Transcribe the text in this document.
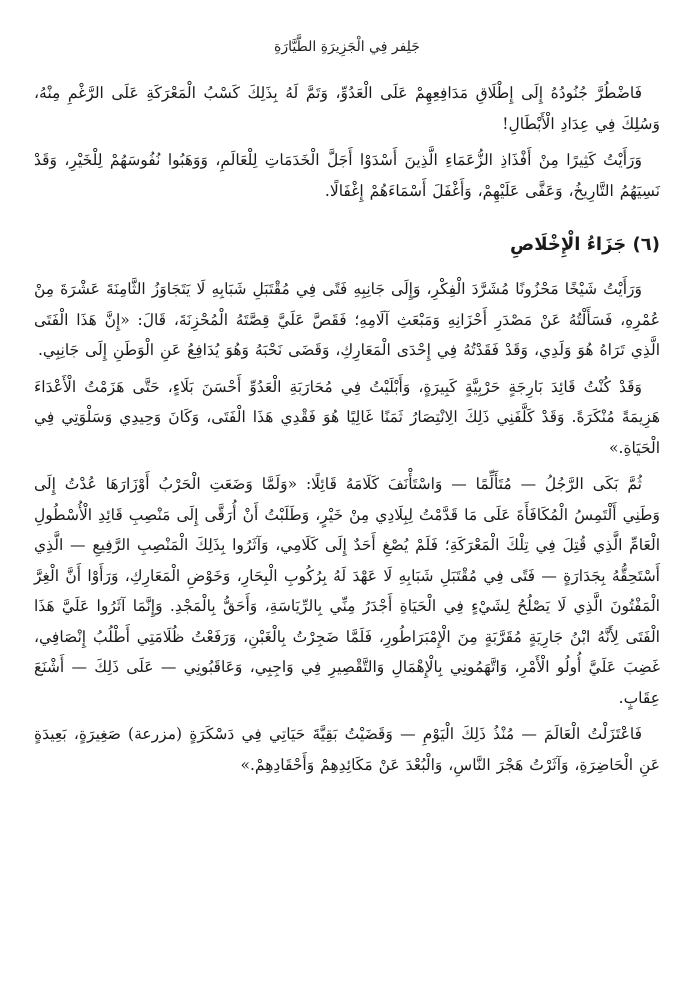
جَلِفر فِي الْجَزِيرَةِ الطَّيَّارَةِ

فَاضْطُرَّ جُنُودُهُ إِلَى إِطْلَاقِ مَدَافِعِهِمْ عَلَى الْعَدُوِّ، وَتَمَّ لَهُ بِذَلِكَ كَسْبُ الْمَعْرَكَةِ عَلَى الرَّغْمِ مِنْهُ، وَسُلِكَ فِي عِدَادِ الْأَبْطَالِ!

وَرَأَيْتُ كَثِيرًا مِنْ أَفْذَاذِ الزُّعَمَاءِ الَّذِينَ أَسْدَوْا أَجَلَّ الْخَدَمَاتِ لِلْعَالَمِ، وَوَهَبُوا نُفُوسَهُمْ لِلْخَيْرِ، وَقَدْ نَسِيَهُمُ التَّارِيخُ، وَعَفَّى عَلَيْهِمْ، وَأَغْفَلَ أَسْمَاءَهُمْ إِغْفَالًا.

(٦) جَزَاءُ الْإِخْلَاصِ

وَرَأَيْتُ شَيْخًا مَحْزُونًا مُشَرَّدَ الْفِكْرِ، وَإِلَى جَانِبِهِ فَتًى فِي مُقْتَبَلِ شَبَابِهِ لَا يَتَجَاوَزُ الثَّامِنَةَ عَشْرَةَ مِنْ عُمْرِهِ، فَسَأَلْتُهُ عَنْ مَصْدَرِ أَحْزَانِهِ وَمَبْعَثِ آلَامِهِ؛ فَقَصَّ عَلَيَّ قِصَّتَهُ الْمُحْزِنَةَ، قَالَ: «إِنَّ هَذَا الْفَتَى الَّذِي تَرَاهُ هُوَ وَلَدِي، وَقَدْ فَقَدْتُهُ فِي إِحْدَى الْمَعَارِكِ، وَقَضَى نَحْبَهُ وَهُوَ يُدَافِعُ عَنِ الْوَطَنِ إِلَى جَانِبِي.

وَقَدْ كُنْتُ قَائِدَ بَارِجَةٍ حَرْبِيَّةٍ كَبِيرَةٍ، وَأَبْلَيْتُ فِي مُحَارَبَةِ الْعَدُوِّ أَحْسَنَ بَلَاءٍ، حَتَّى هَزَمْتُ الْأَعْدَاءَ هَزِيمَةً مُنْكَرَةً. وَقَدْ كَلَّفَنِي ذَلِكَ الِانْتِصَارُ ثَمَنًا غَالِيًا هُوَ فَقْدِي هَذَا الْفَتَى، وَكَانَ وَحِيدِي وَسَلْوَتِي فِي الْحَيَاةِ.»

ثُمَّ بَكَى الرَّجُلُ — مُتَأَلِّمًا — وَاسْتَأْنَفَ كَلَامَهُ قَائِلًا: «وَلَمَّا وَضَعَتِ الْحَرْبُ أَوْزَارَهَا عُدْتُ إِلَى وَطَنِي أَلْتَمِسُ الْمُكَافَأَةَ عَلَى مَا قَدَّمْتُ لِبِلَادِي مِنْ خَيْرٍ، وَطَلَبْتُ أَنْ أُرَقَّى إِلَى مَنْصِبِ قَائِدِ الْأُسْطُولِ الْعَامِّ الَّذِي قُتِلَ فِي تِلْكَ الْمَعْرَكَةِ؛ فَلَمْ يُصْغِ أَحَدٌ إِلَى كَلَامِي، وَآثَرُوا بِذَلِكَ الْمَنْصِبِ الرَّفِيعِ — الَّذِي أَسْتَحِقُّهُ بِجَدَارَةٍ — فَتًى فِي مُقْتَبَلِ شَبَابِهِ لَا عَهْدَ لَهُ بِرُكُوبِ الْبِحَارِ، وَخَوْضِ الْمَعَارِكِ، وَرَأَوْا أَنَّ الْغِرَّ الْمَفْتُونَ الَّذِي لَا يَصْلُحُ لِشَيْءٍ فِي الْحَيَاةِ أَجْدَرُ مِنِّي بِالرِّيَاسَةِ، وَأَحَقُّ بِالْمَجْدِ. وَإِنَّمَا آثَرُوا عَلَيَّ هَذَا الْفَتَى لِأَنَّهُ ابْنُ جَارِيَةٍ مُقَرَّبَةٍ مِنَ الْإِمْبَرَاطُورِ، فَلَمَّا ضَجِرْتُ بِالْغَبْنِ، وَرَفَعْتُ ظُلَامَتِي أَطْلُبُ إِنْصَافِي، غَضِبَ عَلَيَّ أُولُو الْأَمْرِ، وَاتَّهَمُونِي بِالْإِهْمَالِ وَالتَّقْصِيرِ فِي وَاجِبِي، وَعَاقَبُونِي — عَلَى ذَلِكَ — أَشْنَعَ عِقَابٍ.

فَاعْتَزَلْتُ الْعَالَمَ — مُنْذُ ذَلِكَ الْيَوْمِ — وَقَضَيْتُ بَقِيَّةَ حَيَاتِي فِي دَسْكَرَةٍ (مزرعة) صَغِيرَةٍ، بَعِيدَةٍ عَنِ الْحَاضِرَةِ، وَآثَرْتُ هَجْرَ النَّاسِ، وَالْبُعْدَ عَنْ مَكَائِدِهِمْ وَأَحْقَادِهِمْ.»
